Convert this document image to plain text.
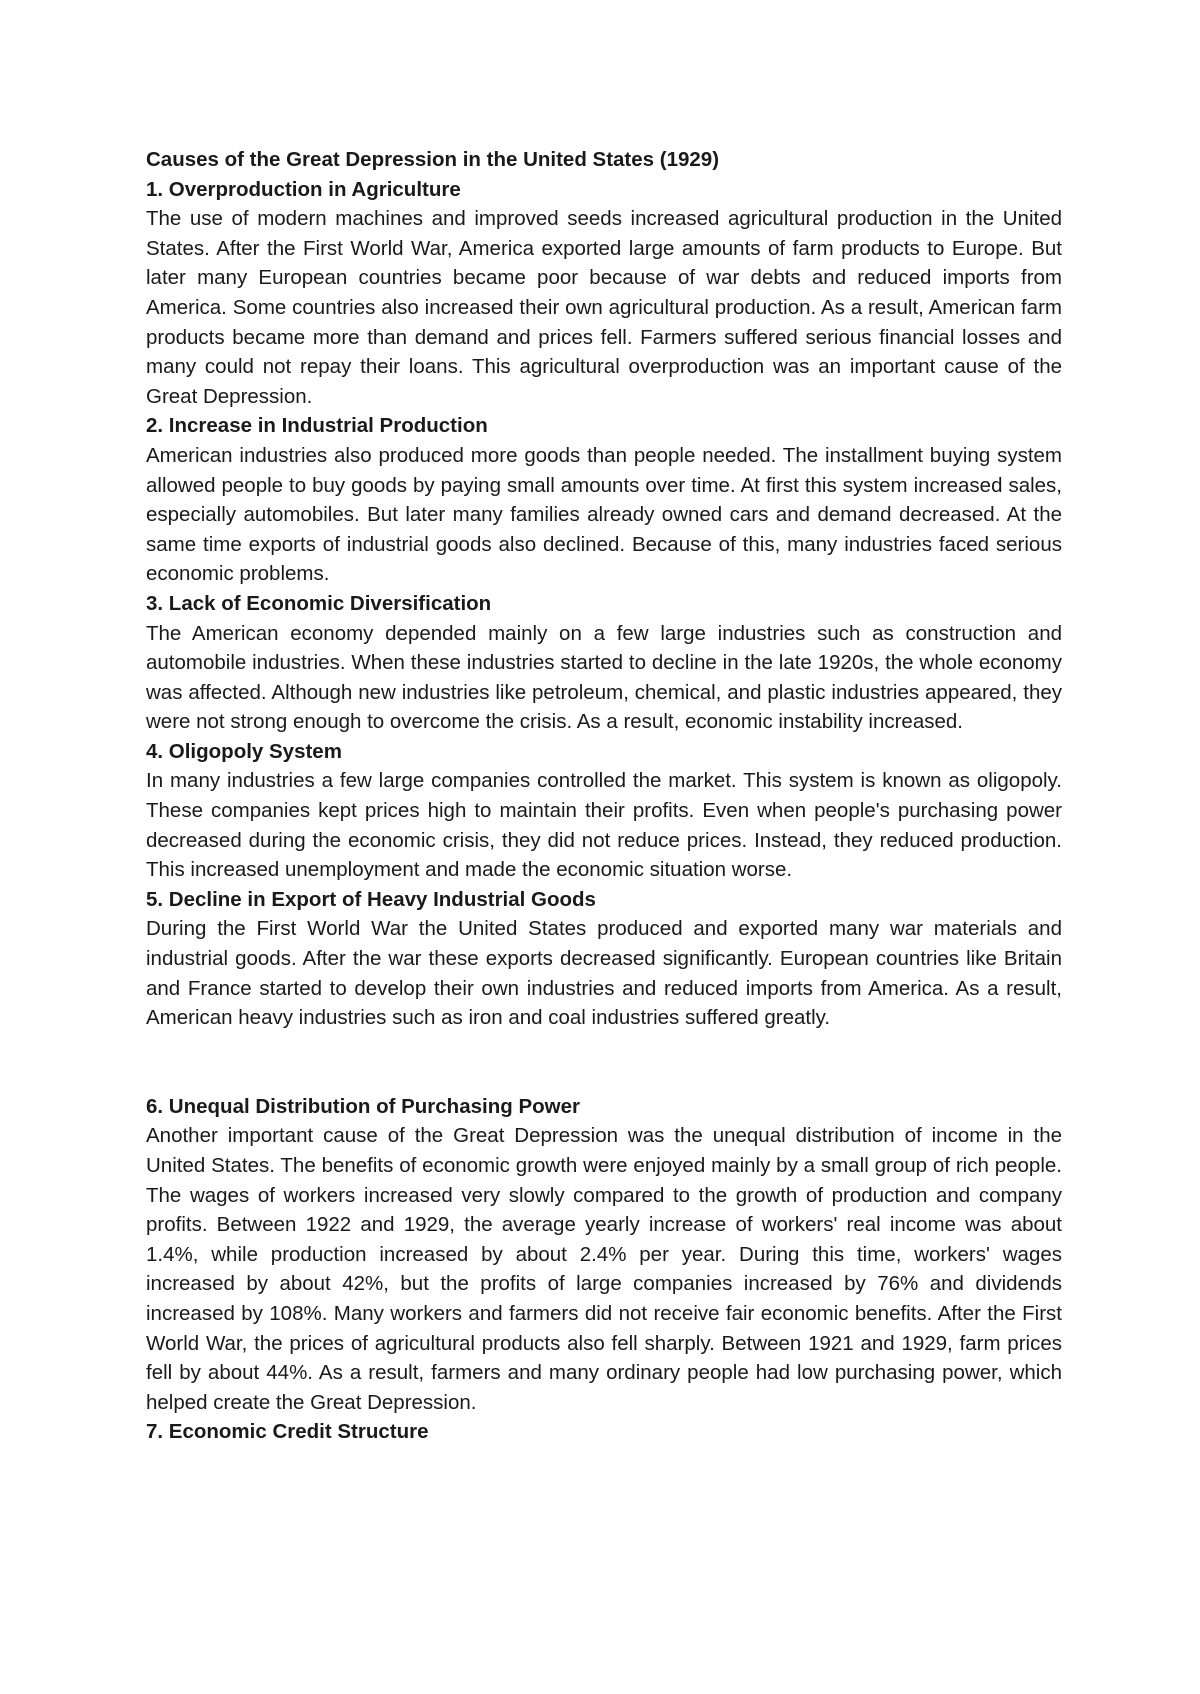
Causes of the Great Depression in the United States (1929)

1. Overproduction in Agriculture

The use of modern machines and improved seeds increased agricultural production in the United States. After the First World War, America exported large amounts of farm products to Europe. But later many European countries became poor because of war debts and reduced imports from America. Some countries also increased their own agricultural production. As a result, American farm products became more than demand and prices fell. Farmers suffered serious financial losses and many could not repay their loans. This agricultural overproduction was an important cause of the Great Depression.

2. Increase in Industrial Production

American industries also produced more goods than people needed. The installment buying system allowed people to buy goods by paying small amounts over time. At first this system increased sales, especially automobiles. But later many families already owned cars and demand decreased. At the same time exports of industrial goods also declined. Because of this, many industries faced serious economic problems.

3. Lack of Economic Diversification

The American economy depended mainly on a few large industries such as construction and automobile industries. When these industries started to decline in the late 1920s, the whole economy was affected. Although new industries like petroleum, chemical, and plastic industries appeared, they were not strong enough to overcome the crisis. As a result, economic instability increased.

4. Oligopoly System

In many industries a few large companies controlled the market. This system is known as oligopoly. These companies kept prices high to maintain their profits. Even when people's purchasing power decreased during the economic crisis, they did not reduce prices. Instead, they reduced production. This increased unemployment and made the economic situation worse.

5. Decline in Export of Heavy Industrial Goods

During the First World War the United States produced and exported many war materials and industrial goods. After the war these exports decreased significantly. European countries like Britain and France started to develop their own industries and reduced imports from America. As a result, American heavy industries such as iron and coal industries suffered greatly.

6. Unequal Distribution of Purchasing Power

Another important cause of the Great Depression was the unequal distribution of income in the United States. The benefits of economic growth were enjoyed mainly by a small group of rich people. The wages of workers increased very slowly compared to the growth of production and company profits. Between 1922 and 1929, the average yearly increase of workers' real income was about 1.4%, while production increased by about 2.4% per year. During this time, workers' wages increased by about 42%, but the profits of large companies increased by 76% and dividends increased by 108%. Many workers and farmers did not receive fair economic benefits. After the First World War, the prices of agricultural products also fell sharply. Between 1921 and 1929, farm prices fell by about 44%. As a result, farmers and many ordinary people had low purchasing power, which helped create the Great Depression.

7. Economic Credit Structure
